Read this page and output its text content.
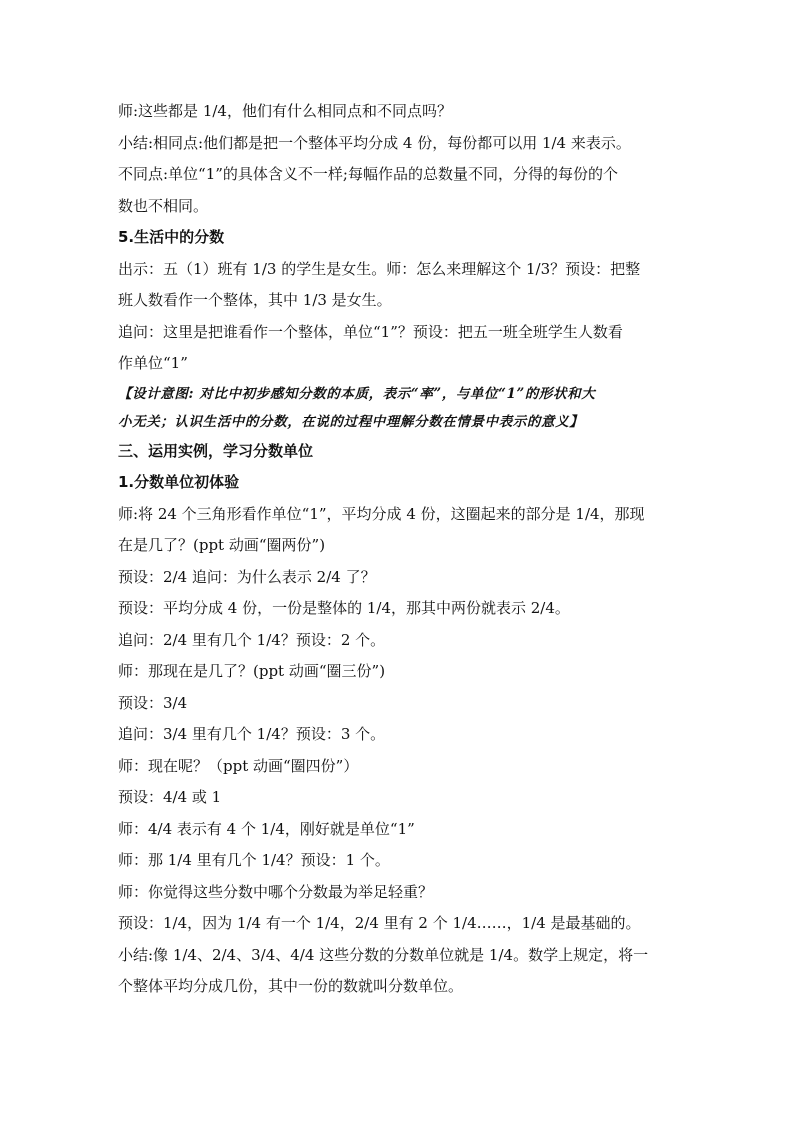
师:这些都是 1/4，他们有什么相同点和不同点吗？
小结:相同点:他们都是把一个整体平均分成 4 份，每份都可以用 1/4 来表示。
不同点:单位“1”的具体含义不一样;每幅作品的总数量不同，分得的每份的个
数也不相同。
5.生活中的分数
出示：五（1）班有 1/3 的学生是女生。师：怎么来理解这个 1/3？预设：把整
班人数看作一个整体，其中 1/3 是女生。
追问：这里是把谁看作一个整体，单位“1”？预设：把五一班全班学生人数看
作单位“1”
【设计意图: 对比中初步感知分数的本质，表示“率”，与单位“1”的形状和大
小无关；认识生活中的分数，在说的过程中理解分数在情景中表示的意义】
三、运用实例，学习分数单位
1.分数单位初体验
师:将 24 个三角形看作单位“1”，平均分成 4 份，这圈起来的部分是 1/4，那现
在是几了？(ppt 动画“圈两份”)
预设：2/4 追问：为什么表示 2/4 了？
预设：平均分成 4 份，一份是整体的 1/4，那其中两份就表示 2/4。
追问：2/4 里有几个 1/4？预设：2 个。
师：那现在是几了？(ppt 动画“圈三份”)
预设：3/4
追问：3/4 里有几个 1/4？预设：3 个。
师：现在呢？（ppt 动画“圈四份”）
预设：4/4 或 1
师：4/4 表示有 4 个 1/4，刚好就是单位“1”
师：那 1/4 里有几个 1/4？预设：1 个。
师：你觉得这些分数中哪个分数最为举足轻重？
预设：1/4，因为 1/4 有一个 1/4，2/4 里有 2 个 1/4……，1/4 是最基础的。
小结:像 1/4、2/4、3/4、4/4 这些分数的分数单位就是 1/4。数学上规定，将一
个整体平均分成几份，其中一份的数就叫分数单位。
